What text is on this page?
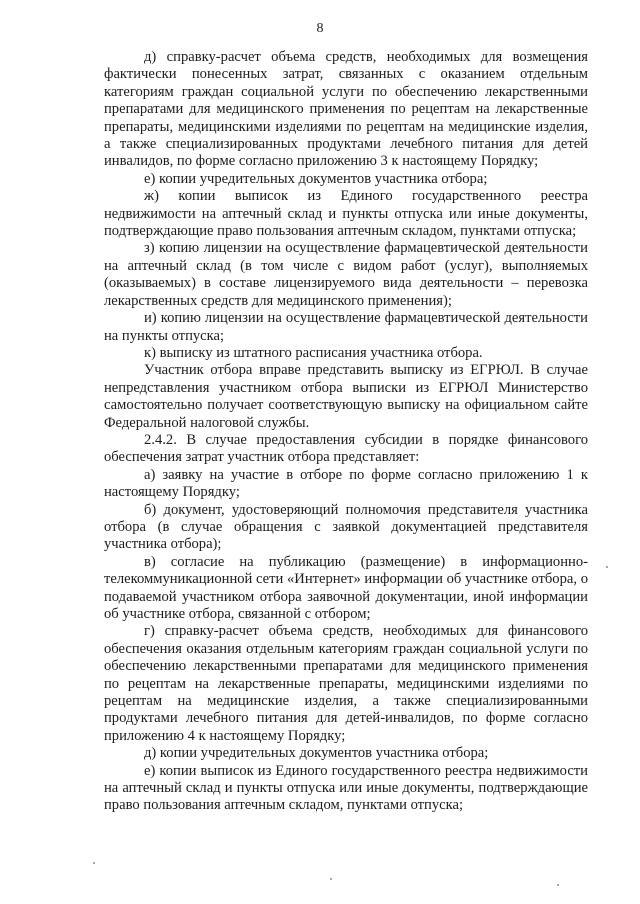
8

д) справку-расчет объема средств, необходимых для возмещения фактически понесенных затрат, связанных с оказанием отдельным категориям граждан социальной услуги по обеспечению лекарственными препаратами для медицинского применения по рецептам на лекарственные препараты, медицинскими изделиями по рецептам на медицинские изделия, а также специализированных продуктами лечебного питания для детей инвалидов, по форме согласно приложению 3 к настоящему Порядку;

е) копии учредительных документов участника отбора;

ж) копии выписок из Единого государственного реестра недвижимости на аптечный склад и пункты отпуска или иные документы, подтверждающие право пользования аптечным складом, пунктами отпуска;

з) копию лицензии на осуществление фармацевтической деятельности на аптечный склад (в том числе с видом работ (услуг), выполняемых (оказываемых) в составе лицензируемого вида деятельности – перевозка лекарственных средств для медицинского применения);

и) копию лицензии на осуществление фармацевтической деятельности на пункты отпуска;

к) выписку из штатного расписания участника отбора.

Участник отбора вправе представить выписку из ЕГРЮЛ. В случае непредставления участником отбора выписки из ЕГРЮЛ Министерство самостоятельно получает соответствующую выписку на официальном сайте Федеральной налоговой службы.

2.4.2. В случае предоставления субсидии в порядке финансового обеспечения затрат участник отбора представляет:

а) заявку на участие в отборе по форме согласно приложению 1 к настоящему Порядку;

б) документ, удостоверяющий полномочия представителя участника отбора (в случае обращения с заявкой документацией представителя участника отбора);

в) согласие на публикацию (размещение) в информационно-телекоммуникационной сети «Интернет» информации об участнике отбора, о подаваемой участником отбора заявочной документации, иной информации об участнике отбора, связанной с отбором;

г) справку-расчет объема средств, необходимых для финансового обеспечения оказания отдельным категориям граждан социальной услуги по обеспечению лекарственными препаратами для медицинского применения по рецептам на лекарственные препараты, медицинскими изделиями по рецептам на медицинские изделия, а также специализированными продуктами лечебного питания для детей-инвалидов, по форме согласно приложению 4 к настоящему Порядку;

д) копии учредительных документов участника отбора;

е) копии выписок из Единого государственного реестра недвижимости на аптечный склад и пункты отпуска или иные документы, подтверждающие право пользования аптечным складом, пунктами отпуска;
